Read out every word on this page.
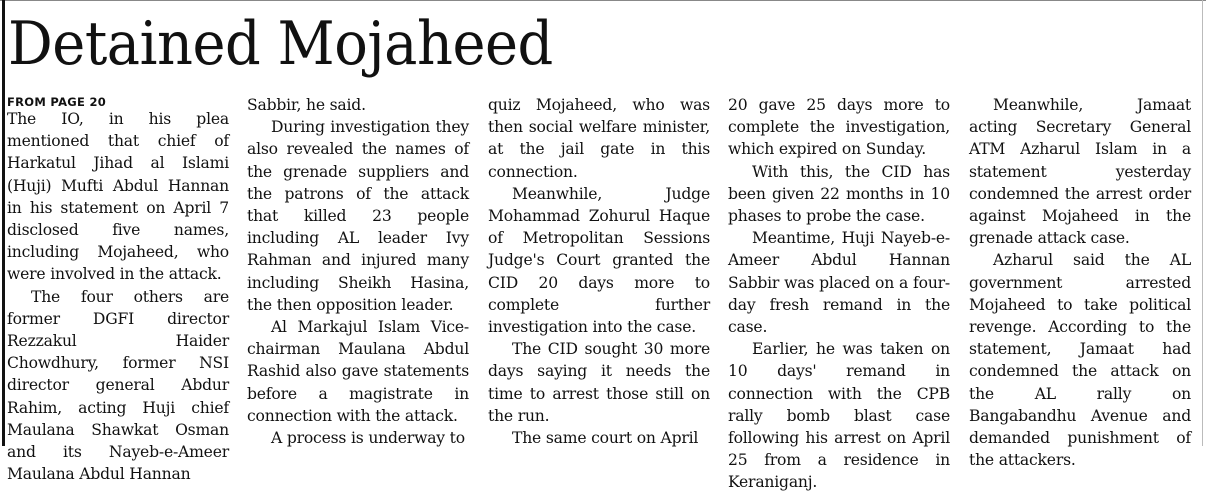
Detained Mojaheed
FROM PAGE 20

The IO, in his plea mentioned that chief of Harkatul Jihad al Islami (Huji) Mufti Abdul Hannan in his statement on April 7 disclosed five names, including Mojaheed, who were involved in the attack.

The four others are former DGFI director Rezzakul Haider Chowdhury, former NSI director general Abdur Rahim, acting Huji chief Maulana Shawkat Osman and its Nayeb-e-Ameer Maulana Abdul Hannan

Sabbir, he said.

During investigation they also revealed the names of the grenade suppliers and the patrons of the attack that killed 23 people including AL leader Ivy Rahman and injured many including Sheikh Hasina, the then opposition leader.

Al Markajul Islam Vice-chairman Maulana Abdul Rashid also gave statements before a magistrate in connection with the attack.

A process is underway to

quiz Mojaheed, who was then social welfare minister, at the jail gate in this connection.

Meanwhile, Judge Mohammad Zohurul Haque of Metropolitan Sessions Judge's Court granted the CID 20 days more to complete further investigation into the case.

The CID sought 30 more days saying it needs the time to arrest those still on the run.

The same court on April

20 gave 25 days more to complete the investigation, which expired on Sunday.

With this, the CID has been given 22 months in 10 phases to probe the case.

Meantime, Huji Nayeb-e-Ameer Abdul Hannan Sabbir was placed on a four-day fresh remand in the case.

Earlier, he was taken on 10 days' remand in connection with the CPB rally bomb blast case following his arrest on April 25 from a residence in Keraniganj.

Meanwhile, Jamaat acting Secretary General ATM Azharul Islam in a statement yesterday condemned the arrest order against Mojaheed in the grenade attack case.

Azharul said the AL government arrested Mojaheed to take political revenge. According to the statement, Jamaat had condemned the attack on the AL rally on Bangabandhu Avenue and demanded punishment of the attackers.
